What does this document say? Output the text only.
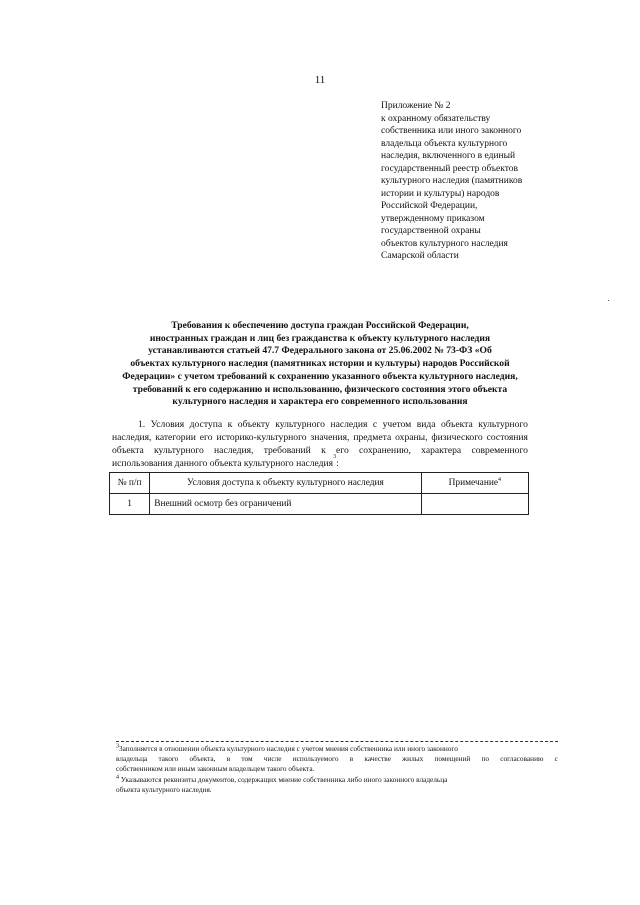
11
Приложение № 2
к охранному обязательству
собственника или иного законного
владельца объекта культурного
наследия, включенного в единый
государственный реестр объектов
культурного наследия (памятников
истории и культуры) народов
Российской Федерации,
утвержденному приказом
государственной охраны
объектов культурного наследия
Самарской области
Требования к обеспечению доступа граждан Российской Федерации,
иностранных граждан и лиц без гражданства к объекту культурного наследия
устанавливаются статьей 47.7 Федерального закона от 25.06.2002 № 73-ФЗ «Об
объектах культурного наследия (памятниках истории и культуры) народов Российской
Федерации» с учетом требований к сохранению указанного объекта культурного наследия,
требований к его содержанию и использованию, физического состояния этого объекта
культурного наследия и характера его современного использования
1. Условия доступа к объекту культурного наследия с учетом вида объекта культурного
наследия, категории его историко-культурного значения, предмета охраны, физического состояния
объекта культурного наследия, требований к его сохранению, характера современного
использования данного объекта культурного наследия
3
:
№ п/п	Условия доступа к объекту культурного наследия	Примечание$^4$
1	Внешний осмотр без ограничений	
$^3$Заполняется в отношении объекта культурного наследия с учетом мнения собственника или иного законного
владельца такого объекта, в том числе используемого в качестве жилых помещений по согласованию с
собственником или иным законным владельцем такого объекта.
$^4$ Указываются реквизиты документов, содержащих мнение собственника либо иного законного владельца
объекта культурного наследия.
